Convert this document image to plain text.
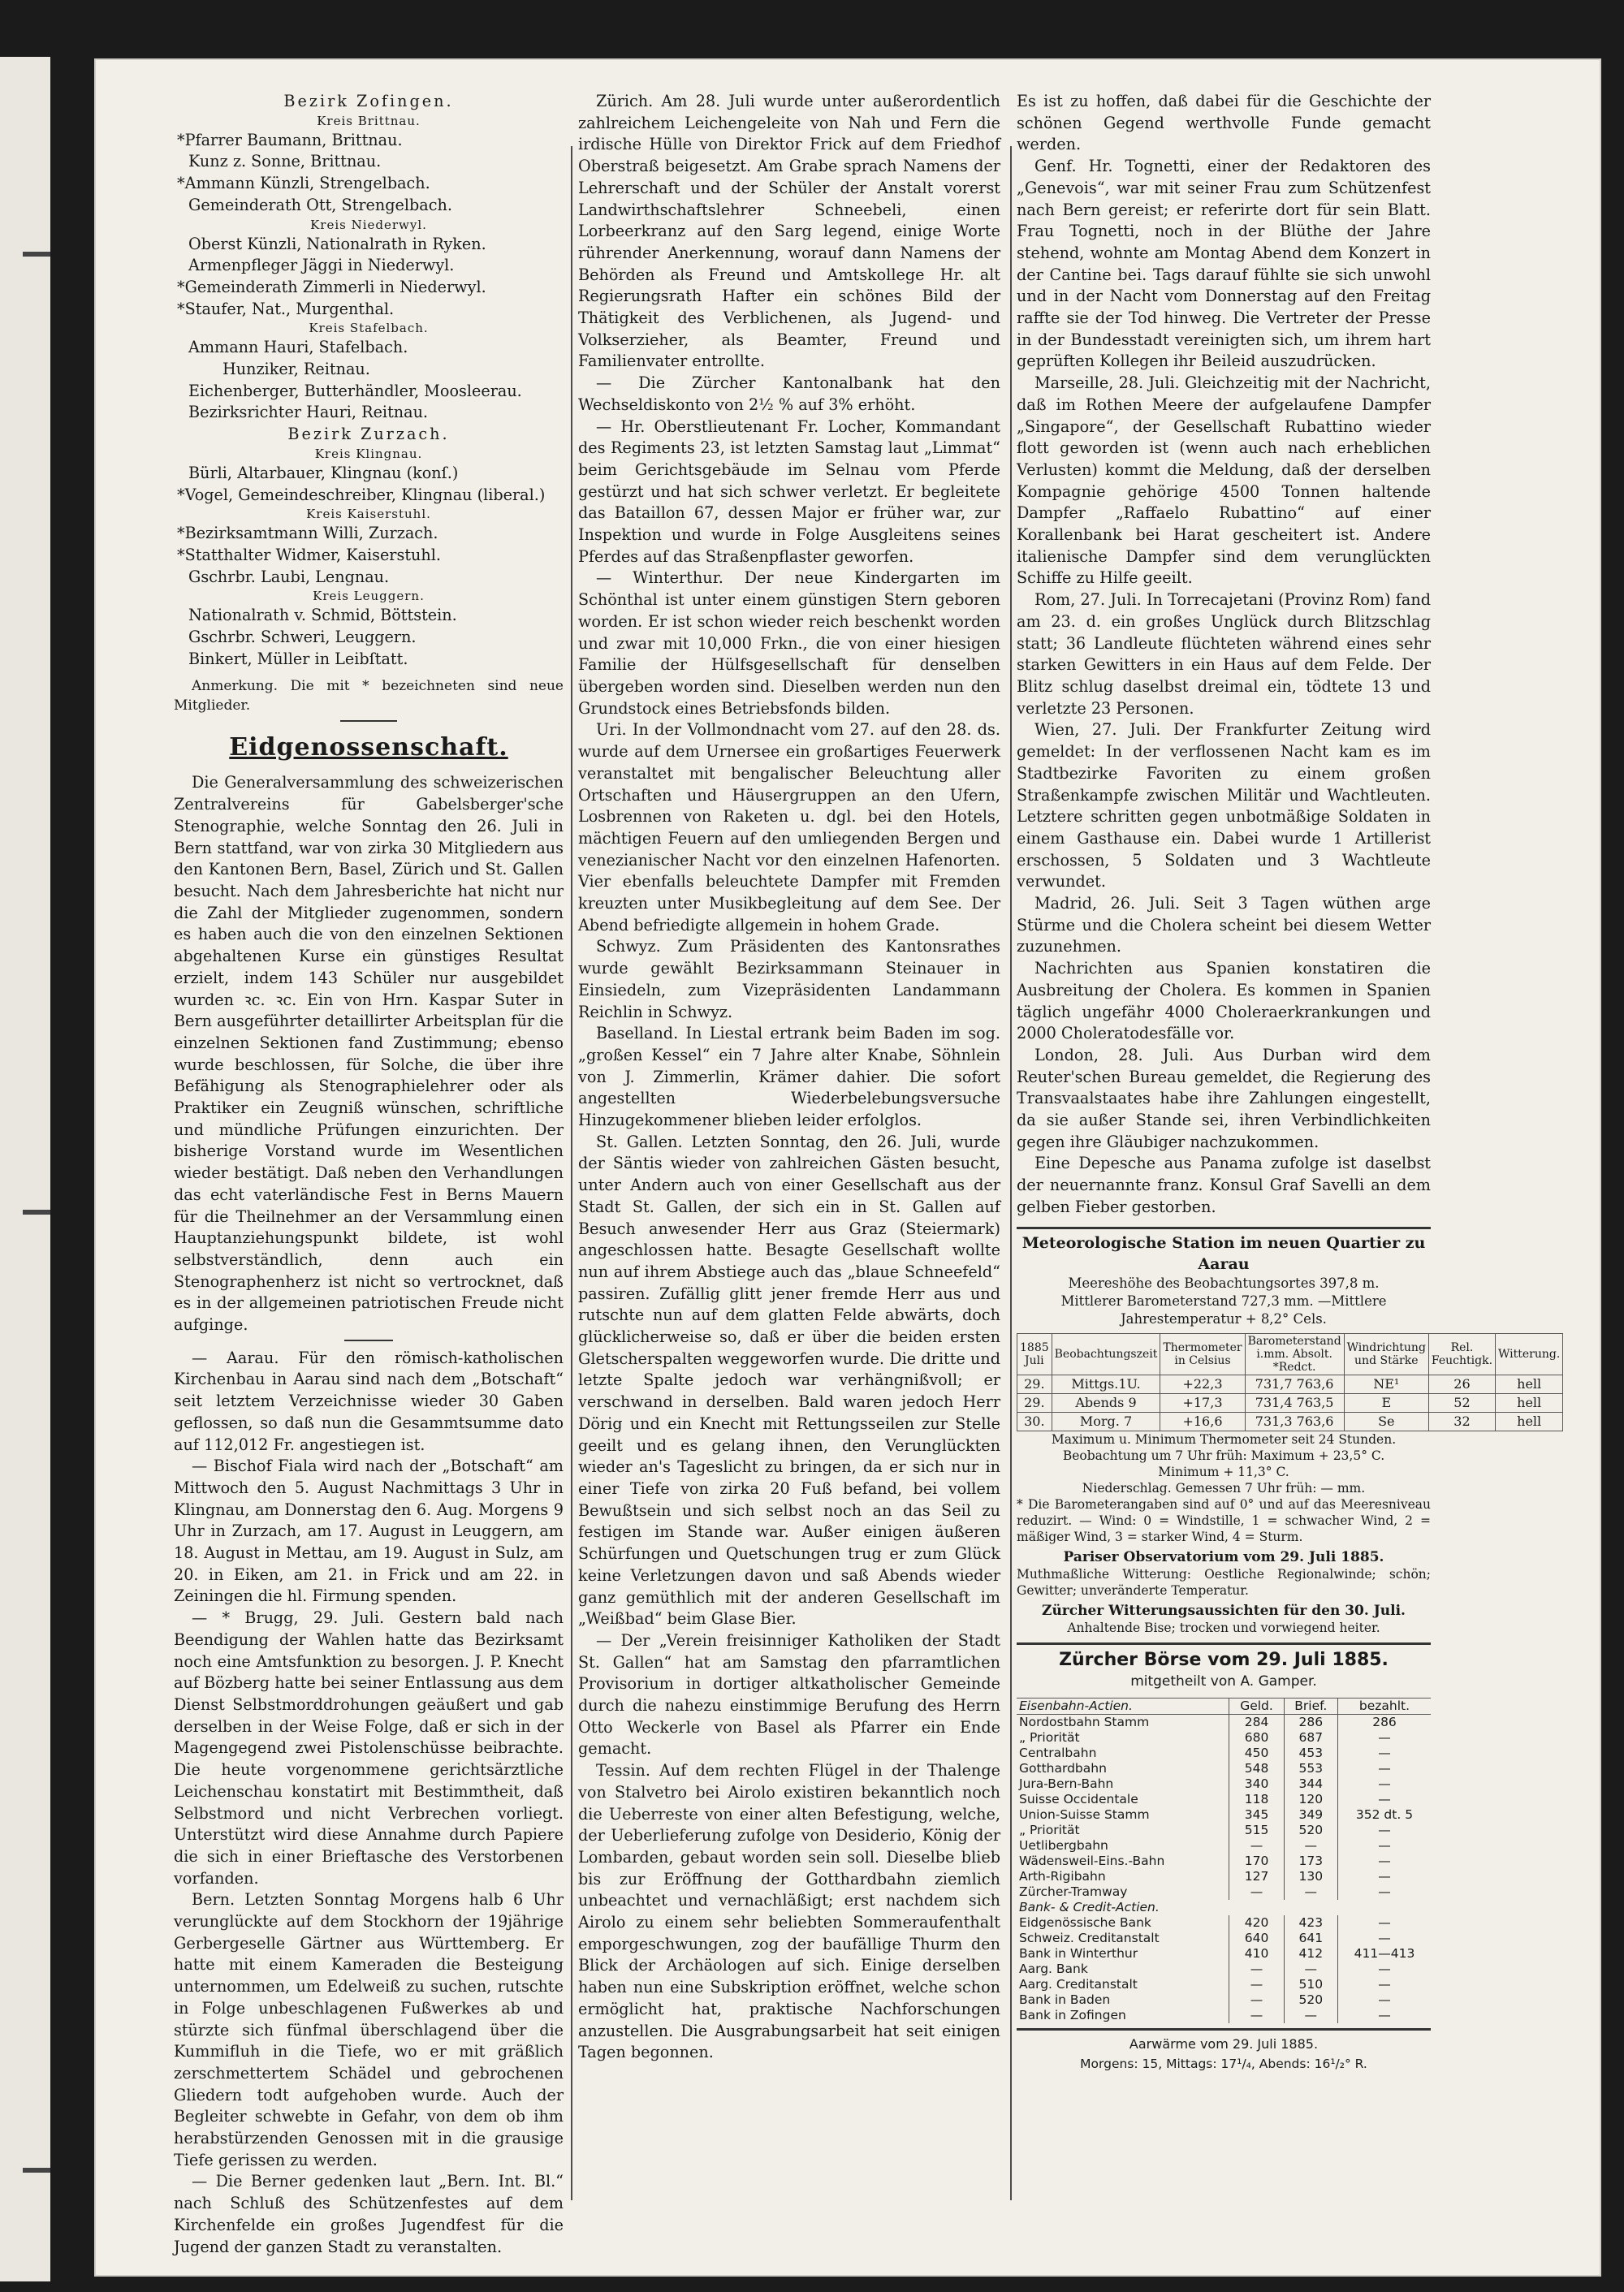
Bezirk Zofingen.

Kreis Brittnau.

*Pfarrer Baumann, Brittnau.

Kunz z. Sonne, Brittnau.

*Ammann Künzli, Strengelbach.

Gemeinderath Ott, Strengelbach.

Kreis Niederwyl.

Oberst Künzli, Nationalrath in Ryken.

Armenpfleger Jäggi in Niederwyl.

*Gemeinderath Zimmerli in Niederwyl.

*Staufer, Nat., Murgenthal.

Kreis Stafelbach.

Ammann Hauri, Stafelbach.

Hunziker, Reitnau.

Eichenberger, Butterhändler, Moosleerau.

Bezirksrichter Hauri, Reitnau.

Bezirk Zurzach.

Kreis Klingnau.

Bürli, Altarbauer, Klingnau (konſ.)

*Vogel, Gemeindeschreiber, Klingnau (liberal.)

Kreis Kaiserstuhl.

*Bezirksamtmann Willi, Zurzach.

*Statthalter Widmer, Kaiserstuhl.

Gschrbr. Laubi, Lengnau.

Kreis Leuggern.

Nationalrath v. Schmid, Böttstein.

Gschrbr. Schweri, Leuggern.

Binkert, Müller in Leibſtatt.

Anmerkung. Die mit * bezeichneten sind neue Mitglieder.

Eidgenossenschaft.

Die Generalversammlung des schweizerischen Zentralvereins für Gabelsberger'sche Stenographie, welche Sonntag den 26. Juli in Bern stattfand, war von zirka 30 Mitgliedern aus den Kantonen Bern, Basel, Zürich und St. Gallen besucht. Nach dem Jahresberichte hat nicht nur die Zahl der Mitglieder zugenommen, sondern es haben auch die von den einzelnen Sektionen abgehaltenen Kurse ein günstiges Resultat erzielt, indem 143 Schüler nur ausgebildet wurden ꝛc. ꝛc. Ein von Hrn. Kaspar Suter in Bern ausgeführter detaillirter Arbeitsplan für die einzelnen Sektionen fand Zustimmung; ebenso wurde beschlossen, für Solche, die über ihre Befähigung als Stenographielehrer oder als Praktiker ein Zeugniß wünschen, schriftliche und mündliche Prüfungen einzurichten. Der bisherige Vorstand wurde im Wesentlichen wieder bestätigt. Daß neben den Verhandlungen das echt vaterländische Fest in Berns Mauern für die Theilnehmer an der Versammlung einen Hauptanziehungspunkt bildete, ist wohl selbstverständlich, denn auch ein Stenographenherz ist nicht so vertrocknet, daß es in der allgemeinen patriotischen Freude nicht aufginge.

— Aarau. Für den römisch-katholischen Kirchenbau in Aarau sind nach dem „Botschaft“ seit letztem Verzeichnisse wieder 30 Gaben geflossen, so daß nun die Gesammtsumme dato auf 112,012 Fr. angestiegen ist.

— Bischof Fiala wird nach der „Botschaft“ am Mittwoch den 5. August Nachmittags 3 Uhr in Klingnau, am Donnerstag den 6. Aug. Morgens 9 Uhr in Zurzach, am 17. August in Leuggern, am 18. August in Mettau, am 19. August in Sulz, am 20. in Eiken, am 21. in Frick und am 22. in Zeiningen die hl. Firmung spenden.

— * Brugg, 29. Juli. Gestern bald nach Beendigung der Wahlen hatte das Bezirksamt noch eine Amtsfunktion zu besorgen. J. P. Knecht auf Bözberg hatte bei seiner Entlassung aus dem Dienst Selbstmorddrohungen geäußert und gab derselben in der Weise Folge, daß er sich in der Magengegend zwei Pistolenschüsse beibrachte. Die heute vorgenommene gerichtsärztliche Leichenschau konstatirt mit Bestimmtheit, daß Selbstmord und nicht Verbrechen vorliegt. Unterstützt wird diese Annahme durch Papiere die sich in einer Brieftasche des Verstorbenen vorfanden.

Bern. Letzten Sonntag Morgens halb 6 Uhr verunglückte auf dem Stockhorn der 19jährige Gerbergeselle Gärtner aus Württemberg. Er hatte mit einem Kameraden die Besteigung unternommen, um Edelweiß zu suchen, rutschte in Folge unbeschlagenen Fußwerkes ab und stürzte sich fünfmal überschlagend über die Kummifluh in die Tiefe, wo er mit gräßlich zerschmettertem Schädel und gebrochenen Gliedern todt aufgehoben wurde. Auch der Begleiter schwebte in Gefahr, von dem ob ihm herabstürzenden Genossen mit in die grausige Tiefe gerissen zu werden.

— Die Berner gedenken laut „Bern. Int. Bl.“ nach Schluß des Schützenfestes auf dem Kirchenfelde ein großes Jugendfest für die Jugend der ganzen Stadt zu veranstalten.

Zürich. Am 28. Juli wurde unter außerordentlich zahlreichem Leichengeleite von Nah und Fern die irdische Hülle von Direktor Frick auf dem Friedhof Oberstraß beigesetzt. Am Grabe sprach Namens der Lehrerschaft und der Schüler der Anstalt vorerst Landwirthschaftslehrer Schneebeli, einen Lorbeerkranz auf den Sarg legend, einige Worte rührender Anerkennung, worauf dann Namens der Behörden als Freund und Amtskollege Hr. alt Regierungsrath Hafter ein schönes Bild der Thätigkeit des Verblichenen, als Jugend- und Volkserzieher, als Beamter, Freund und Familienvater entrollte.

— Die Zürcher Kantonalbank hat den Wechseldiskonto von 2½ % auf 3% erhöht.

— Hr. Oberstlieutenant Fr. Locher, Kommandant des Regiments 23, ist letzten Samstag laut „Limmat“ beim Gerichtsgebäude im Selnau vom Pferde gestürzt und hat sich schwer verletzt. Er begleitete das Bataillon 67, dessen Major er früher war, zur Inspektion und wurde in Folge Ausgleitens seines Pferdes auf das Straßenpflaster geworfen.

— Winterthur. Der neue Kindergarten im Schönthal ist unter einem günstigen Stern geboren worden. Er ist schon wieder reich beschenkt worden und zwar mit 10,000 Frkn., die von einer hiesigen Familie der Hülfsgesellschaft für denselben übergeben worden sind. Dieselben werden nun den Grundstock eines Betriebsfonds bilden.

Uri. In der Vollmondnacht vom 27. auf den 28. ds. wurde auf dem Urnersee ein großartiges Feuerwerk veranstaltet mit bengalischer Beleuchtung aller Ortschaften und Häusergruppen an den Ufern, Losbrennen von Raketen u. dgl. bei den Hotels, mächtigen Feuern auf den umliegenden Bergen und venezianischer Nacht vor den einzelnen Hafenorten. Vier ebenfalls beleuchtete Dampfer mit Fremden kreuzten unter Musikbegleitung auf dem See. Der Abend befriedigte allgemein in hohem Grade.

Schwyz. Zum Präsidenten des Kantonsrathes wurde gewählt Bezirksammann Steinauer in Einsiedeln, zum Vizepräsidenten Landammann Reichlin in Schwyz.

Baselland. In Liestal ertrank beim Baden im sog. „großen Kessel“ ein 7 Jahre alter Knabe, Söhnlein von J. Zimmerlin, Krämer dahier. Die sofort angestellten Wiederbelebungsversuche Hinzugekommener blieben leider erfolglos.

St. Gallen. Letzten Sonntag, den 26. Juli, wurde der Säntis wieder von zahlreichen Gästen besucht, unter Andern auch von einer Gesellschaft aus der Stadt St. Gallen, der sich ein in St. Gallen auf Besuch anwesender Herr aus Graz (Steiermark) angeschlossen hatte. Besagte Gesellschaft wollte nun auf ihrem Abstiege auch das „blaue Schneefeld“ passiren. Zufällig glitt jener fremde Herr aus und rutschte nun auf dem glatten Felde abwärts, doch glücklicherweise so, daß er über die beiden ersten Gletscherspalten weggeworfen wurde. Die dritte und letzte Spalte jedoch war verhängnißvoll; er verschwand in derselben. Bald waren jedoch Herr Dörig und ein Knecht mit Rettungsseilen zur Stelle geeilt und es gelang ihnen, den Verunglückten wieder an's Tageslicht zu bringen, da er sich nur in einer Tiefe von zirka 20 Fuß befand, bei vollem Bewußtsein und sich selbst noch an das Seil zu festigen im Stande war. Außer einigen äußeren Schürfungen und Quetschungen trug er zum Glück keine Verletzungen davon und saß Abends wieder ganz gemüthlich mit der anderen Gesellschaft im „Weißbad“ beim Glase Bier.

— Der „Verein freisinniger Katholiken der Stadt St. Gallen“ hat am Samstag den pfarramtlichen Provisorium in dortiger altkatholischer Gemeinde durch die nahezu einstimmige Berufung des Herrn Otto Weckerle von Basel als Pfarrer ein Ende gemacht.

Tessin. Auf dem rechten Flügel in der Thalenge von Stalvetro bei Airolo existiren bekanntlich noch die Ueberreste von einer alten Befestigung, welche, der Ueberlieferung zufolge von Desiderio, König der Lombarden, gebaut worden sein soll. Dieselbe blieb bis zur Eröffnung der Gotthardbahn ziemlich unbeachtet und vernachläßigt; erst nachdem sich Airolo zu einem sehr beliebten Sommeraufenthalt emporgeschwungen, zog der baufällige Thurm den Blick der Archäologen auf sich. Einige derselben haben nun eine Subskription eröffnet, welche schon ermöglicht hat, praktische Nachforschungen anzustellen. Die Ausgrabungsarbeit hat seit einigen Tagen begonnen.

Es ist zu hoffen, daß dabei für die Geschichte der schönen Gegend werthvolle Funde gemacht werden.

Genf. Hr. Tognetti, einer der Redaktoren des „Genevois“, war mit seiner Frau zum Schützenfest nach Bern gereist; er referirte dort für sein Blatt. Frau Tognetti, noch in der Blüthe der Jahre stehend, wohnte am Montag Abend dem Konzert in der Cantine bei. Tags darauf fühlte sie sich unwohl und in der Nacht vom Donnerstag auf den Freitag raffte sie der Tod hinweg. Die Vertreter der Presse in der Bundesstadt vereinigten sich, um ihrem hart geprüften Kollegen ihr Beileid auszudrücken.

Marseille, 28. Juli. Gleichzeitig mit der Nachricht, daß im Rothen Meere der aufgelaufene Dampfer „Singapore“, der Gesellschaft Rubattino wieder flott geworden ist (wenn auch nach erheblichen Verlusten) kommt die Meldung, daß der derselben Kompagnie gehörige 4500 Tonnen haltende Dampfer „Raffaelo Rubattino“ auf einer Korallenbank bei Harat gescheitert ist. Andere italienische Dampfer sind dem verunglückten Schiffe zu Hilfe geeilt.

Rom, 27. Juli. In Torrecajetani (Provinz Rom) fand am 23. d. ein großes Unglück durch Blitzschlag statt; 36 Landleute flüchteten während eines sehr starken Gewitters in ein Haus auf dem Felde. Der Blitz schlug daselbst dreimal ein, tödtete 13 und verletzte 23 Personen.

Wien, 27. Juli. Der Frankfurter Zeitung wird gemeldet: In der verflossenen Nacht kam es im Stadtbezirke Favoriten zu einem großen Straßenkampfe zwischen Militär und Wachtleuten. Letztere schritten gegen unbotmäßige Soldaten in einem Gasthause ein. Dabei wurde 1 Artillerist erschossen, 5 Soldaten und 3 Wachtleute verwundet.

Madrid, 26. Juli. Seit 3 Tagen wüthen arge Stürme und die Cholera scheint bei diesem Wetter zuzunehmen.

Nachrichten aus Spanien konstatiren die Ausbreitung der Cholera. Es kommen in Spanien täglich ungefähr 4000 Choleraerkrankungen und 2000 Choleratodesfälle vor.

London, 28. Juli. Aus Durban wird dem Reuter'schen Bureau gemeldet, die Regierung des Transvaalstaates habe ihre Zahlungen eingestellt, da sie außer Stande sei, ihren Verbindlichkeiten gegen ihre Gläubiger nachzukommen.

Eine Depesche aus Panama zufolge ist daselbst der neuernannte franz. Konsul Graf Savelli an dem gelben Fieber gestorben.

Meteorologische Station im neuen Quartier zu Aarau

Meereshöhe des Beobachtungsortes 397,8 m.

Mittlerer Barometerstand 727,3 mm. —Mittlere Jahrestemperatur + 8,2° Cels.

1885 Juli	Beobachtungszeit	Thermometer in Celsius	Barometerstand i.mm. Absolt. *Redct.	Windrichtung und Stärke	Rel. Feuchtigk.	Witterung.
29.	Mittgs.1U.	+22,3	731,7 763,6	NE¹	26	hell
29.	Abends 9	+17,3	731,4 763,5	E	52	hell
30.	Morg. 7	+16,6	731,3 763,6	Se	32	hell

Maximum u. Minimum Thermometer seit 24 Stunden.

Beobachtung um 7 Uhr früh: Maximum + 23,5° C.

Minimum + 11,3° C.

Niederschlag. Gemessen 7 Uhr früh: — mm.

* Die Barometerangaben sind auf 0° und auf das Meeresniveau reduzirt. — Wind: 0 = Windstille, 1 = schwacher Wind, 2 = mäßiger Wind, 3 = starker Wind, 4 = Sturm.

Pariser Observatorium vom 29. Juli 1885.

Muthmaßliche Witterung: Oestliche Regionalwinde; schön; Gewitter; unveränderte Temperatur.

Zürcher Witterungsaussichten für den 30. Juli.

Anhaltende Bise; trocken und vorwiegend heiter.

Zürcher Börse vom 29. Juli 1885.

mitgetheilt von A. Gamper.

Eisenbahn-Actien.	Geld.	Brief.	bezahlt.
Nordostbahn Stamm	284	286	286
„ Priorität	680	687	—
Centralbahn	450	453	—
Gotthardbahn	548	553	—
Jura-Bern-Bahn	340	344	—
Suisse Occidentale	118	120	—
Union-Suisse Stamm	345	349	352 dt. 5
„ Priorität	515	520	—
Uetlibergbahn	—	—	—
Wädensweil-Eins.-Bahn	170	173	—
Arth-Rigibahn	127	130	—
Zürcher-Tramway	—	—	—
Bank- & Credit-Actien.			
Eidgenössische Bank	420	423	—
Schweiz. Creditanstalt	640	641	—
Bank in Winterthur	410	412	411—413
Aarg. Bank	—	—	—
Aarg. Creditanstalt	—	510	—
Bank in Baden	—	520	—
Bank in Zofingen	—	—	—

Aarwärme vom 29. Juli 1885.

Morgens: 15, Mittags: 17¹/₄, Abends: 16¹/₂° R.
